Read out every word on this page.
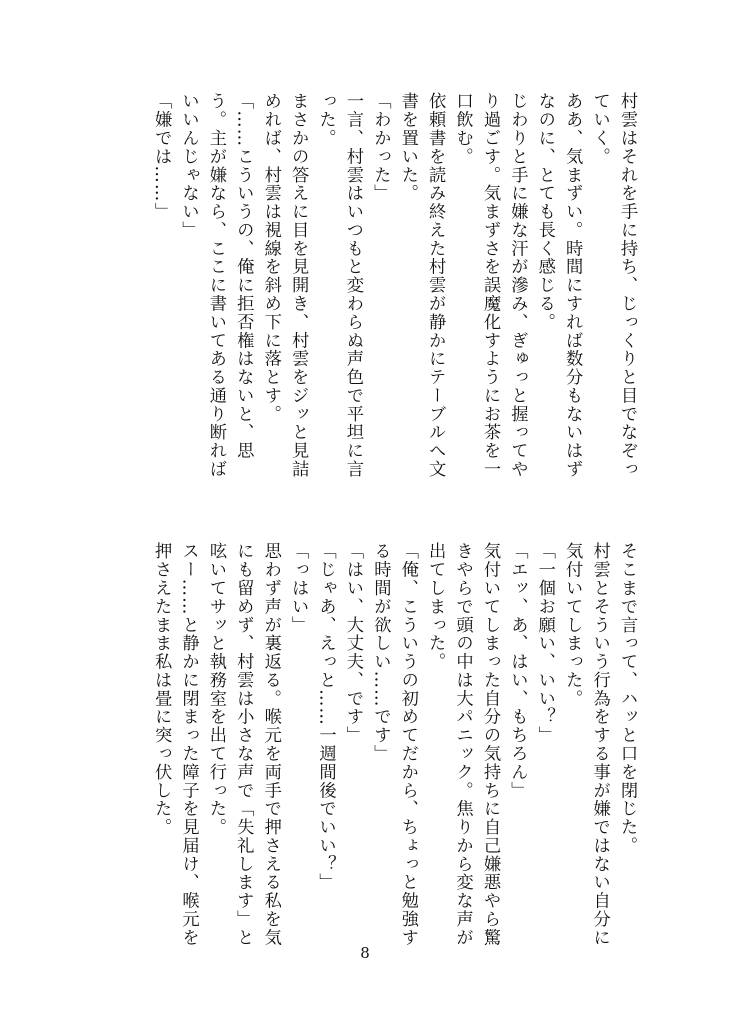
村雲はそれを手に持ち、じっくりと目でなぞっていく。

ああ、気まずい。時間にすれば数分もないはずなのに、とても長く感じる。

じわりと手に嫌な汗が滲み、ぎゅっと握ってやり過ごす。気まずさを誤魔化すようにお茶を一口飲む。

依頼書を読み終えた村雲が静かにテーブルへ文書を置いた。

「わかった」

一言、村雲はいつもと変わらぬ声色で平坦に言った。

まさかの答えに目を見開き、村雲をジッと見詰めれば、村雲は視線を斜め下に落とす。

「……こういうの、俺に拒否権はないと、思う。主が嫌なら、ここに書いてある通り断ればいいんじゃない」

「嫌では……」

そこまで言って、ハッと口を閉じた。

村雲とそういう行為をする事が嫌ではない自分に気付いてしまった。

「一個お願い、いい？」

「エッ、あ、はい、もちろん」

気付いてしまった自分の気持ちに自己嫌悪やら驚きやらで頭の中は大パニック。焦りから変な声が出てしまった。

「俺、こういうの初めてだから、ちょっと勉強する時間が欲しい……です」

「はい、大丈夫、です」

「じゃあ、えっと……一週間後でいい？」

「っはい」

思わず声が裏返る。喉元を両手で押さえる私を気にも留めず、村雲は小さな声で「失礼します」と呟いてサッと執務室を出て行った。

スー……と静かに閉まった障子を見届け、喉元を押さえたまま私は畳に突っ伏した。

8
